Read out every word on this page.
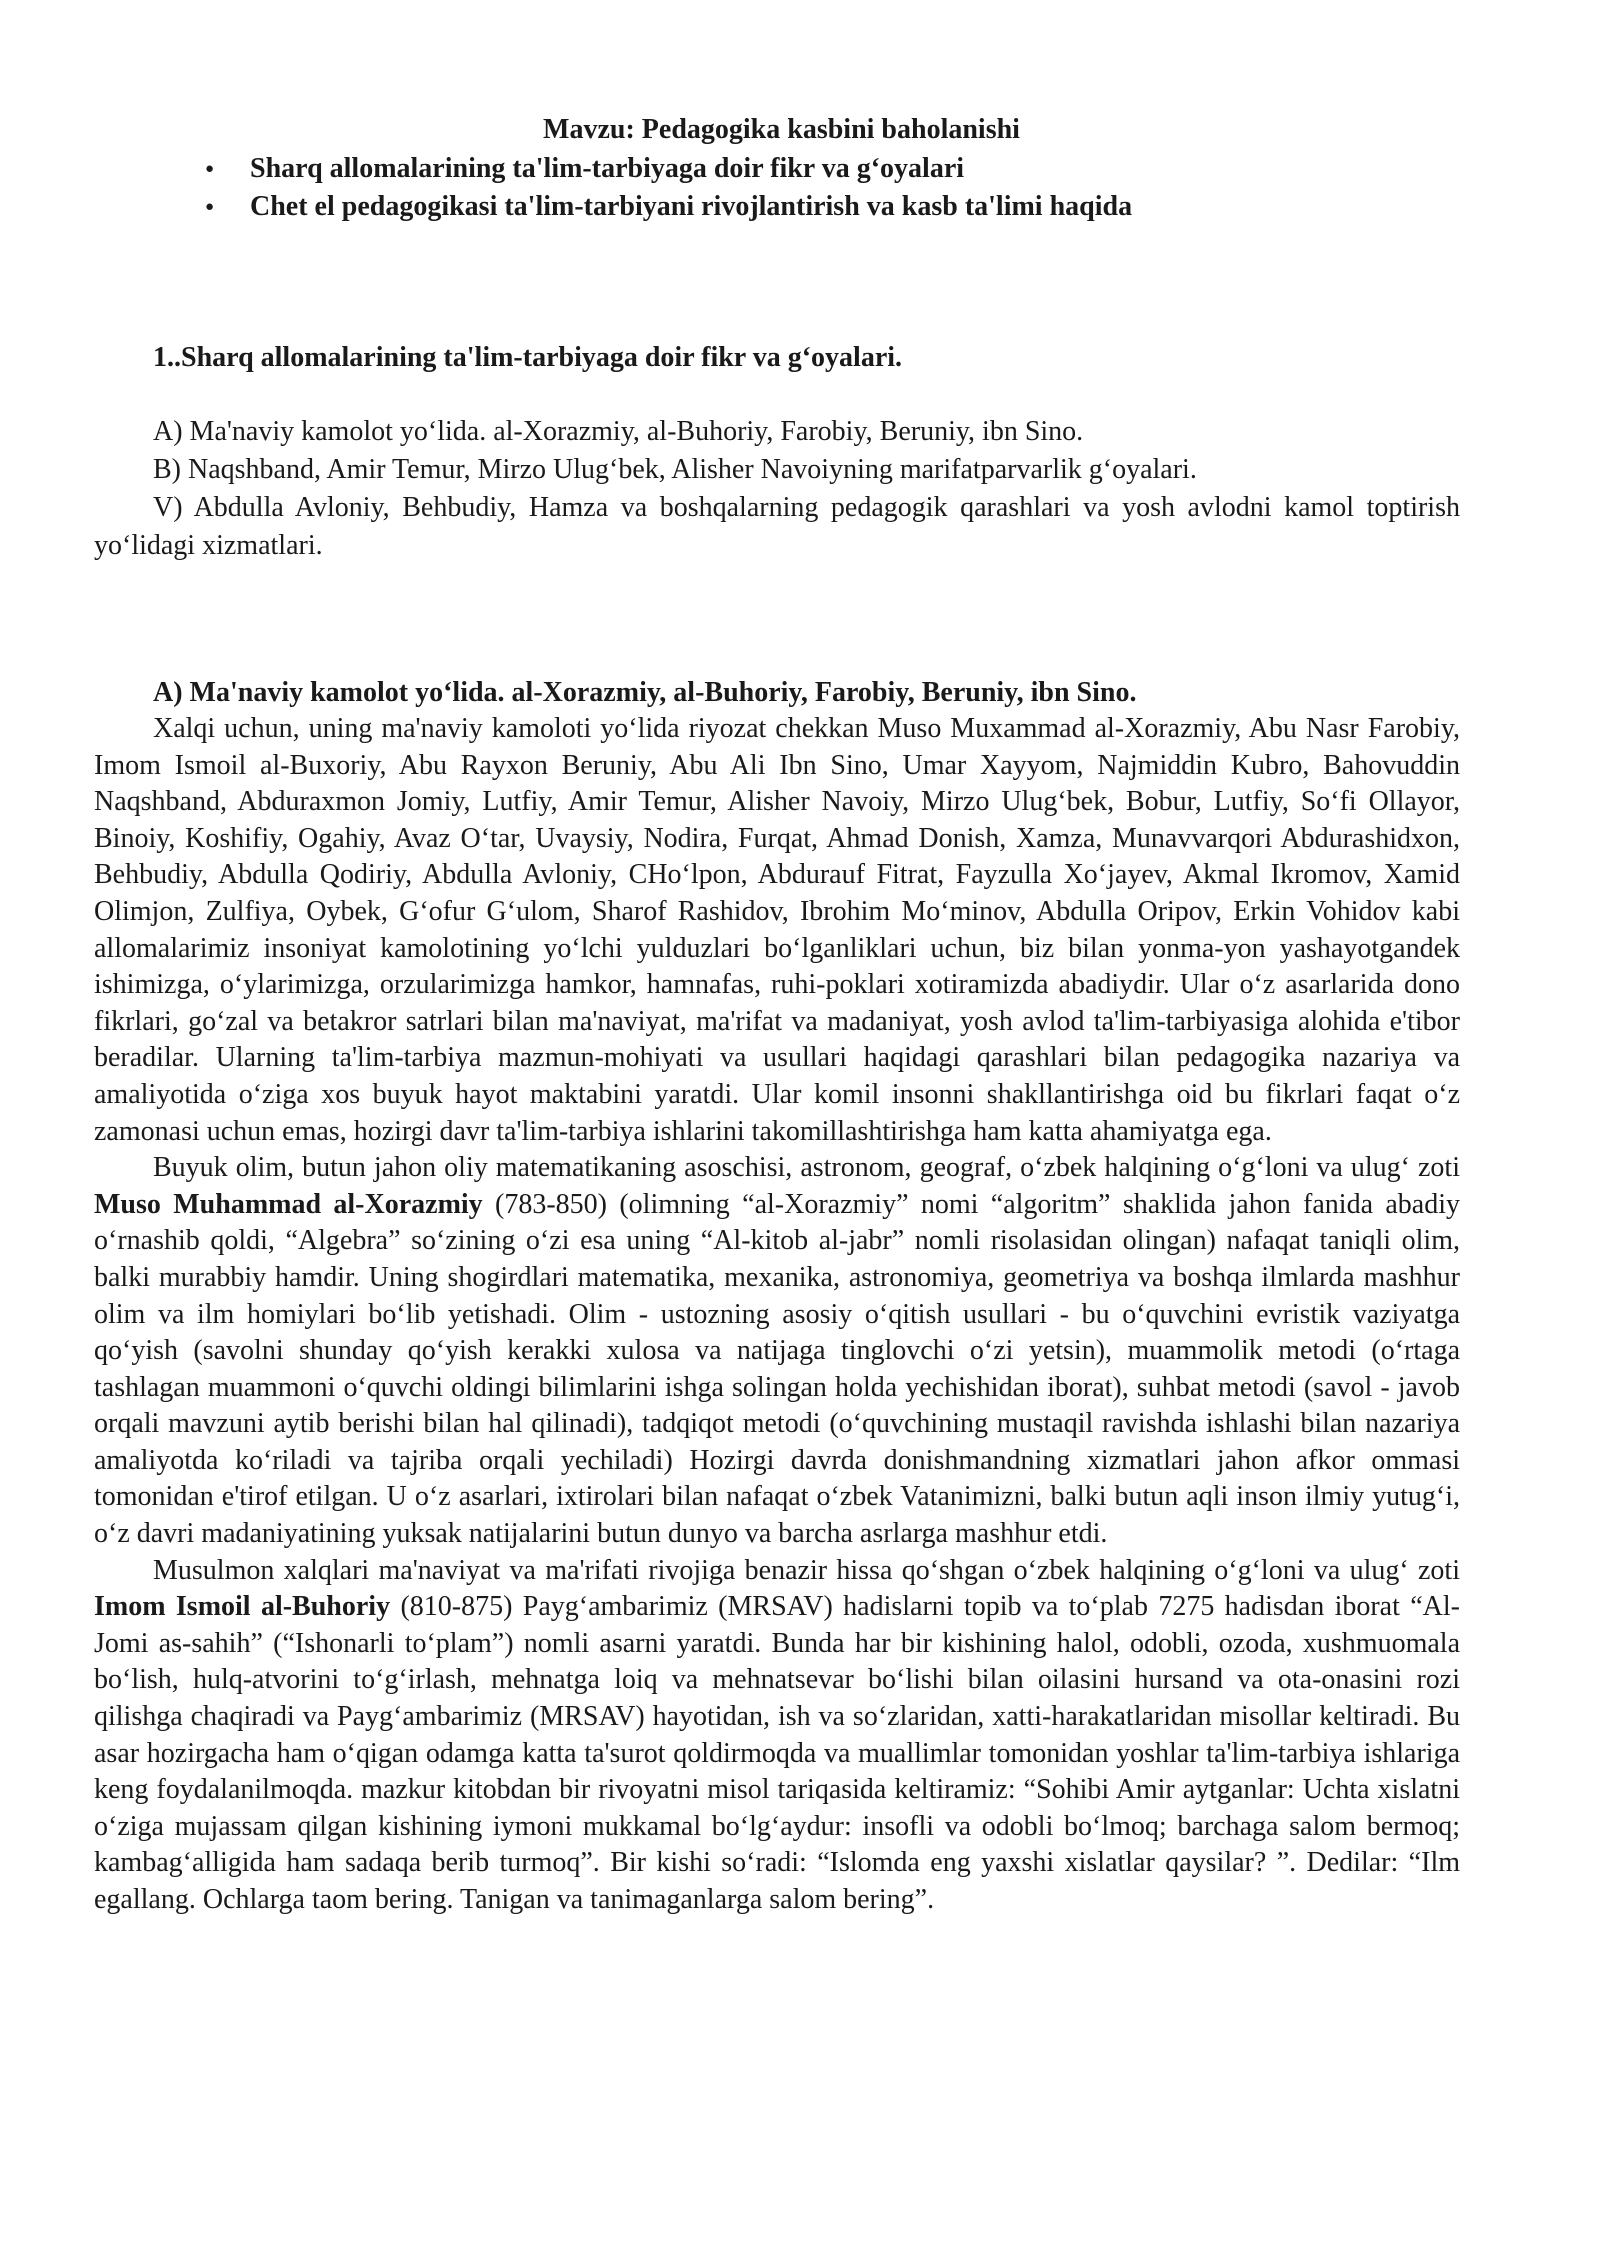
Mavzu: Pedagogika kasbini baholanishi
● Sharq allomalarining ta'lim-tarbiyaga doir fikr va g‘oyalari
● Chet el pedagogikasi ta'lim-tarbiyani rivojlantirish va kasb ta'limi haqida
1..Sharq allomalarining ta'lim-tarbiyaga doir fikr va g‘oyalari.

A) Ma'naviy kamolot yo‘lida. al-Xorazmiy, al-Buhoriy, Farobiy, Beruniy, ibn Sino.

B) Naqshband, Amir Temur, Mirzo Ulug‘bek, Alisher Navoiyning marifatparvarlik g‘oyalari.

V) Abdulla Avloniy, Behbudiy, Hamza va boshqalarning pedagogik qarashlari va yosh avlodni kamol toptirish yo‘lidagi xizmatlari.

A) Ma'naviy kamolot yo‘lida. al-Xorazmiy, al-Buhoriy, Farobiy, Beruniy, ibn Sino.

Xalqi uchun, uning ma'naviy kamoloti yo‘lida riyozat chekkan Muso Muxammad al-Xorazmiy, Abu Nasr Farobiy, Imom Ismoil al-Buxoriy, Abu Rayxon Beruniy, Abu Ali Ibn Sino, Umar Xayyom, Najmiddin Kubro, Bahovuddin Naqshband, Abduraxmon Jomiy, Lutfiy, Amir Temur, Alisher Navoiy, Mirzo Ulug‘bek, Bobur, Lutfiy, So‘fi Ollayor, Binoiy, Koshifiy, Ogahiy, Avaz O‘tar, Uvaysiy, Nodira, Furqat, Ahmad Donish, Xamza, Munavvarqori Abdurashidxon, Behbudiy, Abdulla Qodiriy, Abdulla Avloniy, CHo‘lpon, Abdurauf Fitrat, Fayzulla Xo‘jayev, Akmal Ikromov, Xamid Olimjon, Zulfiya, Oybek, G‘ofur G‘ulom, Sharof Rashidov, Ibrohim Mo‘minov, Abdulla Oripov, Erkin Vohidov kabi allomalarimiz insoniyat kamolotining yo‘lchi yulduzlari bo‘lganliklari uchun, biz bilan yonma-yon yashayotgandek ishimizga, o‘ylarimizga, orzularimizga hamkor, hamnafas, ruhi-poklari xotiramizda abadiydir. Ular o‘z asarlarida dono fikrlari, go‘zal va betakror satrlari bilan ma'naviyat, ma'rifat va madaniyat, yosh avlod ta'lim-tarbiyasiga alohida e'tibor beradilar. Ularning ta'lim-tarbiya mazmun-mohiyati va usullari haqidagi qarashlari bilan pedagogika nazariya va amaliyotida o‘ziga xos buyuk hayot maktabini yaratdi. Ular komil insonni shakllantirishga oid bu fikrlari faqat o‘z zamonasi uchun emas, hozirgi davr ta'lim-tarbiya ishlarini takomillashtirishga ham katta ahamiyatga ega.

Buyuk olim, butun jahon oliy matematikaning asoschisi, astronom, geograf, o‘zbek halqining o‘g‘loni va ulug‘ zoti Muso Muhammad al-Xorazmiy (783-850) (olimning “al-Xorazmiy” nomi “algoritm” shaklida jahon fanida abadiy o‘rnashib qoldi, “Algebra” so‘zining o‘zi esa uning “Al-kitob al-jabr” nomli risolasidan olingan) nafaqat taniqli olim, balki murabbiy hamdir. Uning shogirdlari matematika, mexanika, astronomiya, geometriya va boshqa ilmlarda mashhur olim va ilm homiylari bo‘lib yetishadi. Olim - ustozning asosiy o‘qitish usullari - bu o‘quvchini evristik vaziyatga qo‘yish (savolni shunday qo‘yish kerakki xulosa va natijaga tinglovchi o‘zi yetsin), muammolik metodi (o‘rtaga tashlagan muammoni o‘quvchi oldingi bilimlarini ishga solingan holda yechishidan iborat), suhbat metodi (savol - javob orqali mavzuni aytib berishi bilan hal qilinadi), tadqiqot metodi (o‘quvchining mustaqil ravishda ishlashi bilan nazariya amaliyotda ko‘riladi va tajriba orqali yechiladi) Hozirgi davrda donishmandning xizmatlari jahon afkor ommasi tomonidan e'tirof etilgan. U o‘z asarlari, ixtirolari bilan nafaqat o‘zbek Vatanimizni, balki butun aqli inson ilmiy yutug‘i, o‘z davri madaniyatining yuksak natijalarini butun dunyo va barcha asrlarga mashhur etdi.

Musulmon xalqlari ma'naviyat va ma'rifati rivojiga benazir hissa qo‘shgan o‘zbek halqining o‘g‘loni va ulug‘ zoti Imom Ismoil al-Buhoriy (810-875) Payg‘ambarimiz (MRSAV) hadislarni topib va to‘plab 7275 hadisdan iborat “Al-Jomi as-sahih” (“Ishonarli to‘plam”) nomli asarni yaratdi. Bunda har bir kishining halol, odobli, ozoda, xushmuomala bo‘lish, hulq-atvorini to‘g‘irlash, mehnatga loiq va mehnatsevar bo‘lishi bilan oilasini hursand va ota-onasini rozi qilishga chaqiradi va Payg‘ambarimiz (MRSAV) hayotidan, ish va so‘zlaridan, xatti-harakatlaridan misollar keltiradi. Bu asar hozirgacha ham o‘qigan odamga katta ta'surot qoldirmoqda va muallimlar tomonidan yoshlar ta'lim-tarbiya ishlariga keng foydalanilmoqda. mazkur kitobdan bir rivoyatni misol tariqasida keltiramiz: “Sohibi Amir aytganlar: Uchta xislatni o‘ziga mujassam qilgan kishining iymoni mukkamal bo‘lg‘aydur: insofli va odobli bo‘lmoq; barchaga salom bermoq; kambag‘alligida ham sadaqa berib turmoq”. Bir kishi so‘radi: “Islomda eng yaxshi xislatlar qaysilar? ”. Dedilar: “Ilm egallang. Ochlarga taom bering. Tanigan va tanimaganlarga salom bering”.
